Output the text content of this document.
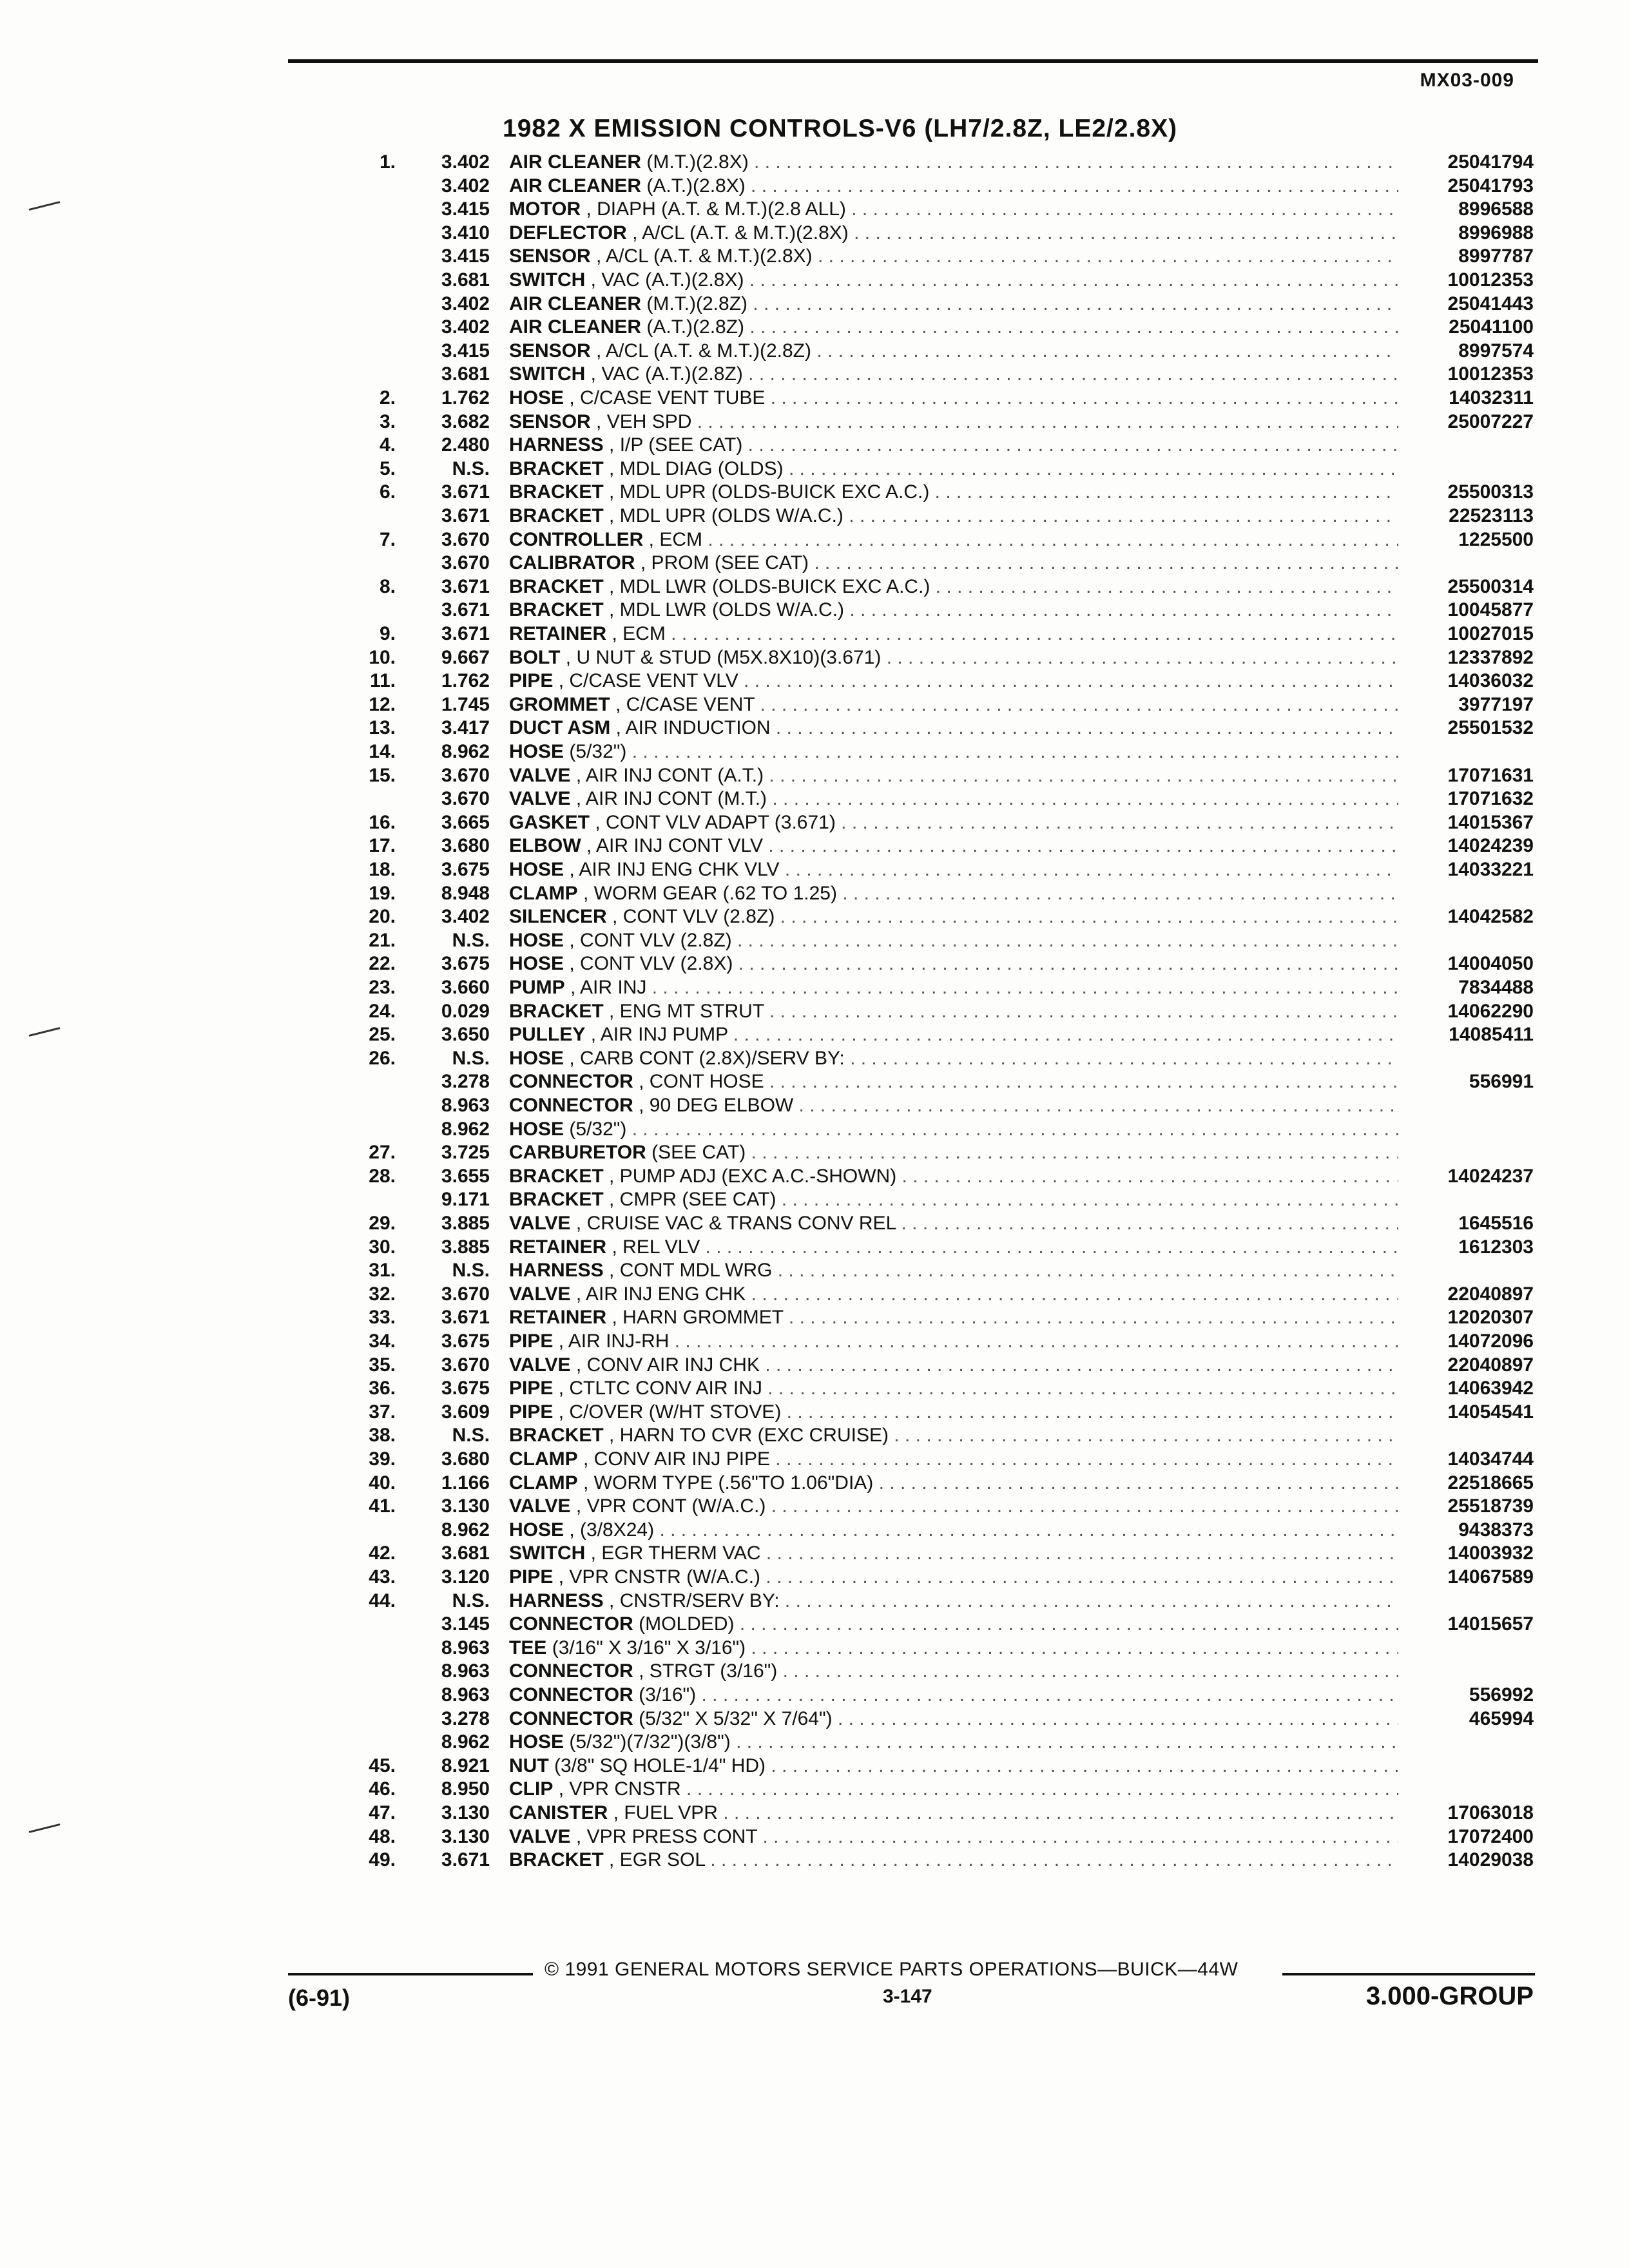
MX03-009
1982 X EMISSION CONTROLS-V6 (LH7/2.8Z, LE2/2.8X)
1.	3.402 AIR CLEANER (M.T.)(2.8X) . . .	25041794
3.402 AIR CLEANER (A.T.)(2.8X) . . .	25041793
3.415 MOTOR , DIAPH (A.T. & M.T.)(2.8 ALL) . . .	8996588
3.410 DEFLECTOR , A/CL (A.T. & M.T.)(2.8X) . . .	8996988
3.415 SENSOR , A/CL (A.T. & M.T.)(2.8X) . . .	8997787
3.681 SWITCH , VAC (A.T.)(2.8X) . . .	10012353
3.402 AIR CLEANER (M.T.)(2.8Z) . . .	25041443
3.402 AIR CLEANER (A.T.)(2.8Z) . . .	25041100
3.415 SENSOR , A/CL (A.T. & M.T.)(2.8Z) . . .	8997574
3.681 SWITCH , VAC (A.T.)(2.8Z) . . .	10012353
2.	1.762 HOSE , C/CASE VENT TUBE . . .	14032311
3.	3.682 SENSOR , VEH SPD . . .	25007227
4.	2.480 HARNESS , I/P (SEE CAT) . . .
5.	N.S. BRACKET , MDL DIAG (OLDS) . . .
6.	3.671 BRACKET , MDL UPR (OLDS-BUICK EXC A.C.) . . .	25500313
3.671 BRACKET , MDL UPR (OLDS W/A.C.) . . .	22523113
7.	3.670 CONTROLLER , ECM . . .	1225500
3.670 CALIBRATOR , PROM (SEE CAT) . . .
8.	3.671 BRACKET , MDL LWR (OLDS-BUICK EXC A.C.) . . .	25500314
3.671 BRACKET , MDL LWR (OLDS W/A.C.) . . .	10045877
9.	3.671 RETAINER , ECM . . .	10027015
10.	9.667 BOLT , U NUT & STUD (M5X.8X10)(3.671) . . .	12337892
11.	1.762 PIPE , C/CASE VENT VLV . . .	14036032
12.	1.745 GROMMET , C/CASE VENT . . .	3977197
13.	3.417 DUCT ASM , AIR INDUCTION . . .	25501532
14.	8.962 HOSE (5/32") . . .
15.	3.670 VALVE , AIR INJ CONT (A.T.) . . .	17071631
3.670 VALVE , AIR INJ CONT (M.T.) . . .	17071632
16.	3.665 GASKET , CONT VLV ADAPT (3.671) . . .	14015367
17.	3.680 ELBOW , AIR INJ CONT VLV . . .	14024239
18.	3.675 HOSE , AIR INJ ENG CHK VLV . . .	14033221
19.	8.948 CLAMP , WORM GEAR (.62 TO 1.25) . . .
20.	3.402 SILENCER , CONT VLV (2.8Z) . . .	14042582
21.	N.S. HOSE , CONT VLV (2.8Z) . . .
22.	3.675 HOSE , CONT VLV (2.8X) . . .	14004050
23.	3.660 PUMP , AIR INJ . . .	7834488
24.	0.029 BRACKET , ENG MT STRUT . . .	14062290
25.	3.650 PULLEY , AIR INJ PUMP . . .	14085411
26.	N.S. HOSE , CARB CONT (2.8X)/SERV BY: . . .
3.278 CONNECTOR , CONT HOSE . . .	556991
8.963 CONNECTOR , 90 DEG ELBOW . . .
8.962 HOSE (5/32") . . .
27.	3.725 CARBURETOR (SEE CAT) . . .
28.	3.655 BRACKET , PUMP ADJ (EXC A.C.-SHOWN) . . .	14024237
9.171 BRACKET , CMPR (SEE CAT) . . .
29.	3.885 VALVE , CRUISE VAC & TRANS CONV REL . . .	1645516
30.	3.885 RETAINER , REL VLV . . .	1612303
31.	N.S. HARNESS , CONT MDL WRG . . .
32.	3.670 VALVE , AIR INJ ENG CHK . . .	22040897
33.	3.671 RETAINER , HARN GROMMET . . .	12020307
34.	3.675 PIPE , AIR INJ-RH . . .	14072096
35.	3.670 VALVE , CONV AIR INJ CHK . . .	22040897
36.	3.675 PIPE , CTLTC CONV AIR INJ . . .	14063942
37.	3.609 PIPE , C/OVER (W/HT STOVE) . . .	14054541
38.	N.S. BRACKET , HARN TO CVR (EXC CRUISE) . . .
39.	3.680 CLAMP , CONV AIR INJ PIPE . . .	14034744
40.	1.166 CLAMP , WORM TYPE (.56"TO 1.06"DIA) . . .	22518665
41.	3.130 VALVE , VPR CONT (W/A.C.) . . .	25518739
8.962 HOSE , (3/8X24) . . .	9438373
42.	3.681 SWITCH , EGR THERM VAC . . .	14003932
43.	3.120 PIPE , VPR CNSTR (W/A.C.) . . .	14067589
44.	N.S. HARNESS , CNSTR/SERV BY: . . .
3.145 CONNECTOR (MOLDED) . . .	14015657
8.963 TEE (3/16" X 3/16" X 3/16") . . .
8.963 CONNECTOR , STRGT (3/16") . . .
8.963 CONNECTOR (3/16") . . .	556992
3.278 CONNECTOR (5/32" X 5/32" X 7/64") . . .	465994
8.962 HOSE (5/32")(7/32")(3/8") . . .
45.	8.921 NUT (3/8" SQ HOLE-1/4" HD) . . .
46.	8.950 CLIP , VPR CNSTR . . .
47.	3.130 CANISTER , FUEL VPR . . .	17063018
48.	3.130 VALVE , VPR PRESS CONT . . .	17072400
49.	3.671 BRACKET , EGR SOL . . .	14029038
© 1991 GENERAL MOTORS SERVICE PARTS OPERATIONS—BUICK—44W
(6-91)	3-147	3.000-GROUP
